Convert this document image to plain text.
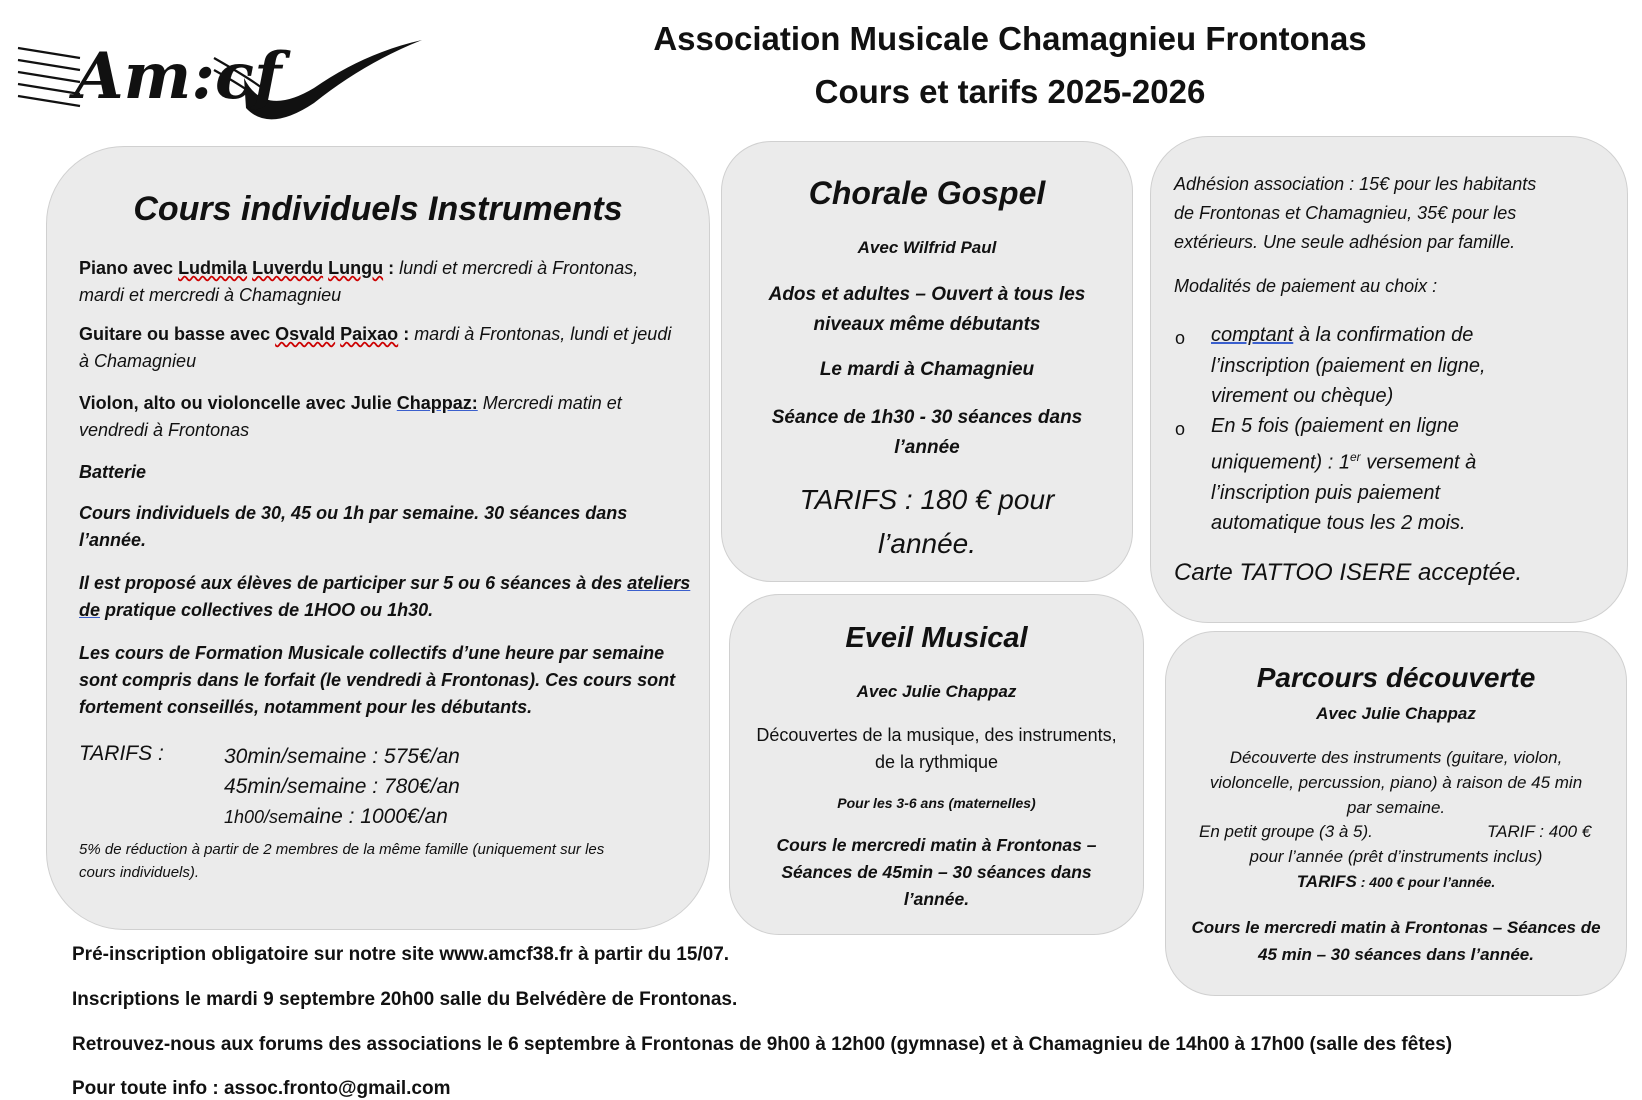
Am:cf
Association Musicale Chamagnieu Frontonas
Cours et tarifs 2025-2026
Cours individuels Instruments
Piano avec Ludmila Luverdu Lungu : lundi et mercredi à Frontonas,
mardi et mercredi à Chamagnieu
Guitare ou basse avec Osvald Paixao : mardi à Frontonas, lundi et jeudi
à Chamagnieu
Violon, alto ou violoncelle avec Julie Chappaz: Mercredi matin et
vendredi à Frontonas
Batterie
Cours individuels de 30, 45 ou 1h par semaine. 30 séances dans
l’année.
Il est proposé aux élèves de participer sur 5 ou 6 séances à des ateliers
de pratique collectives de 1HOO ou 1h30.
Les cours de Formation Musicale collectifs d’une heure par semaine
sont compris dans le forfait (le vendredi à Frontonas). Ces cours sont
fortement conseillés, notamment pour les débutants.
TARIFS :	30min/semaine : 575€/an
45min/semaine : 780€/an
1h00/semaine : 1000€/an
5% de réduction à partir de 2 membres de la même famille (uniquement sur les
cours individuels).
Chorale Gospel
Avec Wilfrid Paul
Ados et adultes – Ouvert à tous les
niveaux même débutants
Le mardi à Chamagnieu
Séance de 1h30 - 30 séances dans
l’année
TARIFS : 180 € pour
l’année.
Eveil Musical
Avec Julie Chappaz
Découvertes de la musique, des instruments,
de la rythmique
Pour les 3-6 ans (maternelles)
Cours le mercredi matin à Frontonas –
Séances de 45min – 30 séances dans
l’année.
Adhésion association : 15€ pour les habitants
de Frontonas et Chamagnieu, 35€ pour les
extérieurs. Une seule adhésion par famille.
Modalités de paiement au choix :
o comptant à la confirmation de
l’inscription (paiement en ligne,
virement ou chèque)
o En 5 fois (paiement en ligne
uniquement) : 1er versement à
l’inscription puis paiement
automatique tous les 2 mois.
Carte TATTOO ISERE acceptée.
Parcours découverte
Avec Julie Chappaz
Découverte des instruments (guitare, violon,
violoncelle, percussion, piano) à raison de 45 min
par semaine.
En petit groupe (3 à 5).	TARIF : 400 €
pour l’année (prêt d’instruments inclus)
TARIFS : 400 € pour l’année.
Cours le mercredi matin à Frontonas – Séances de
45 min – 30 séances dans l’année.
Pré-inscription obligatoire sur notre site www.amcf38.fr à partir du 15/07.
Inscriptions le mardi 9 septembre 20h00 salle du Belvédère de Frontonas.
Retrouvez-nous aux forums des associations le 6 septembre à Frontonas de 9h00 à 12h00 (gymnase) et à Chamagnieu de 14h00 à 17h00 (salle des fêtes)
Pour toute info : assoc.fronto@gmail.com
